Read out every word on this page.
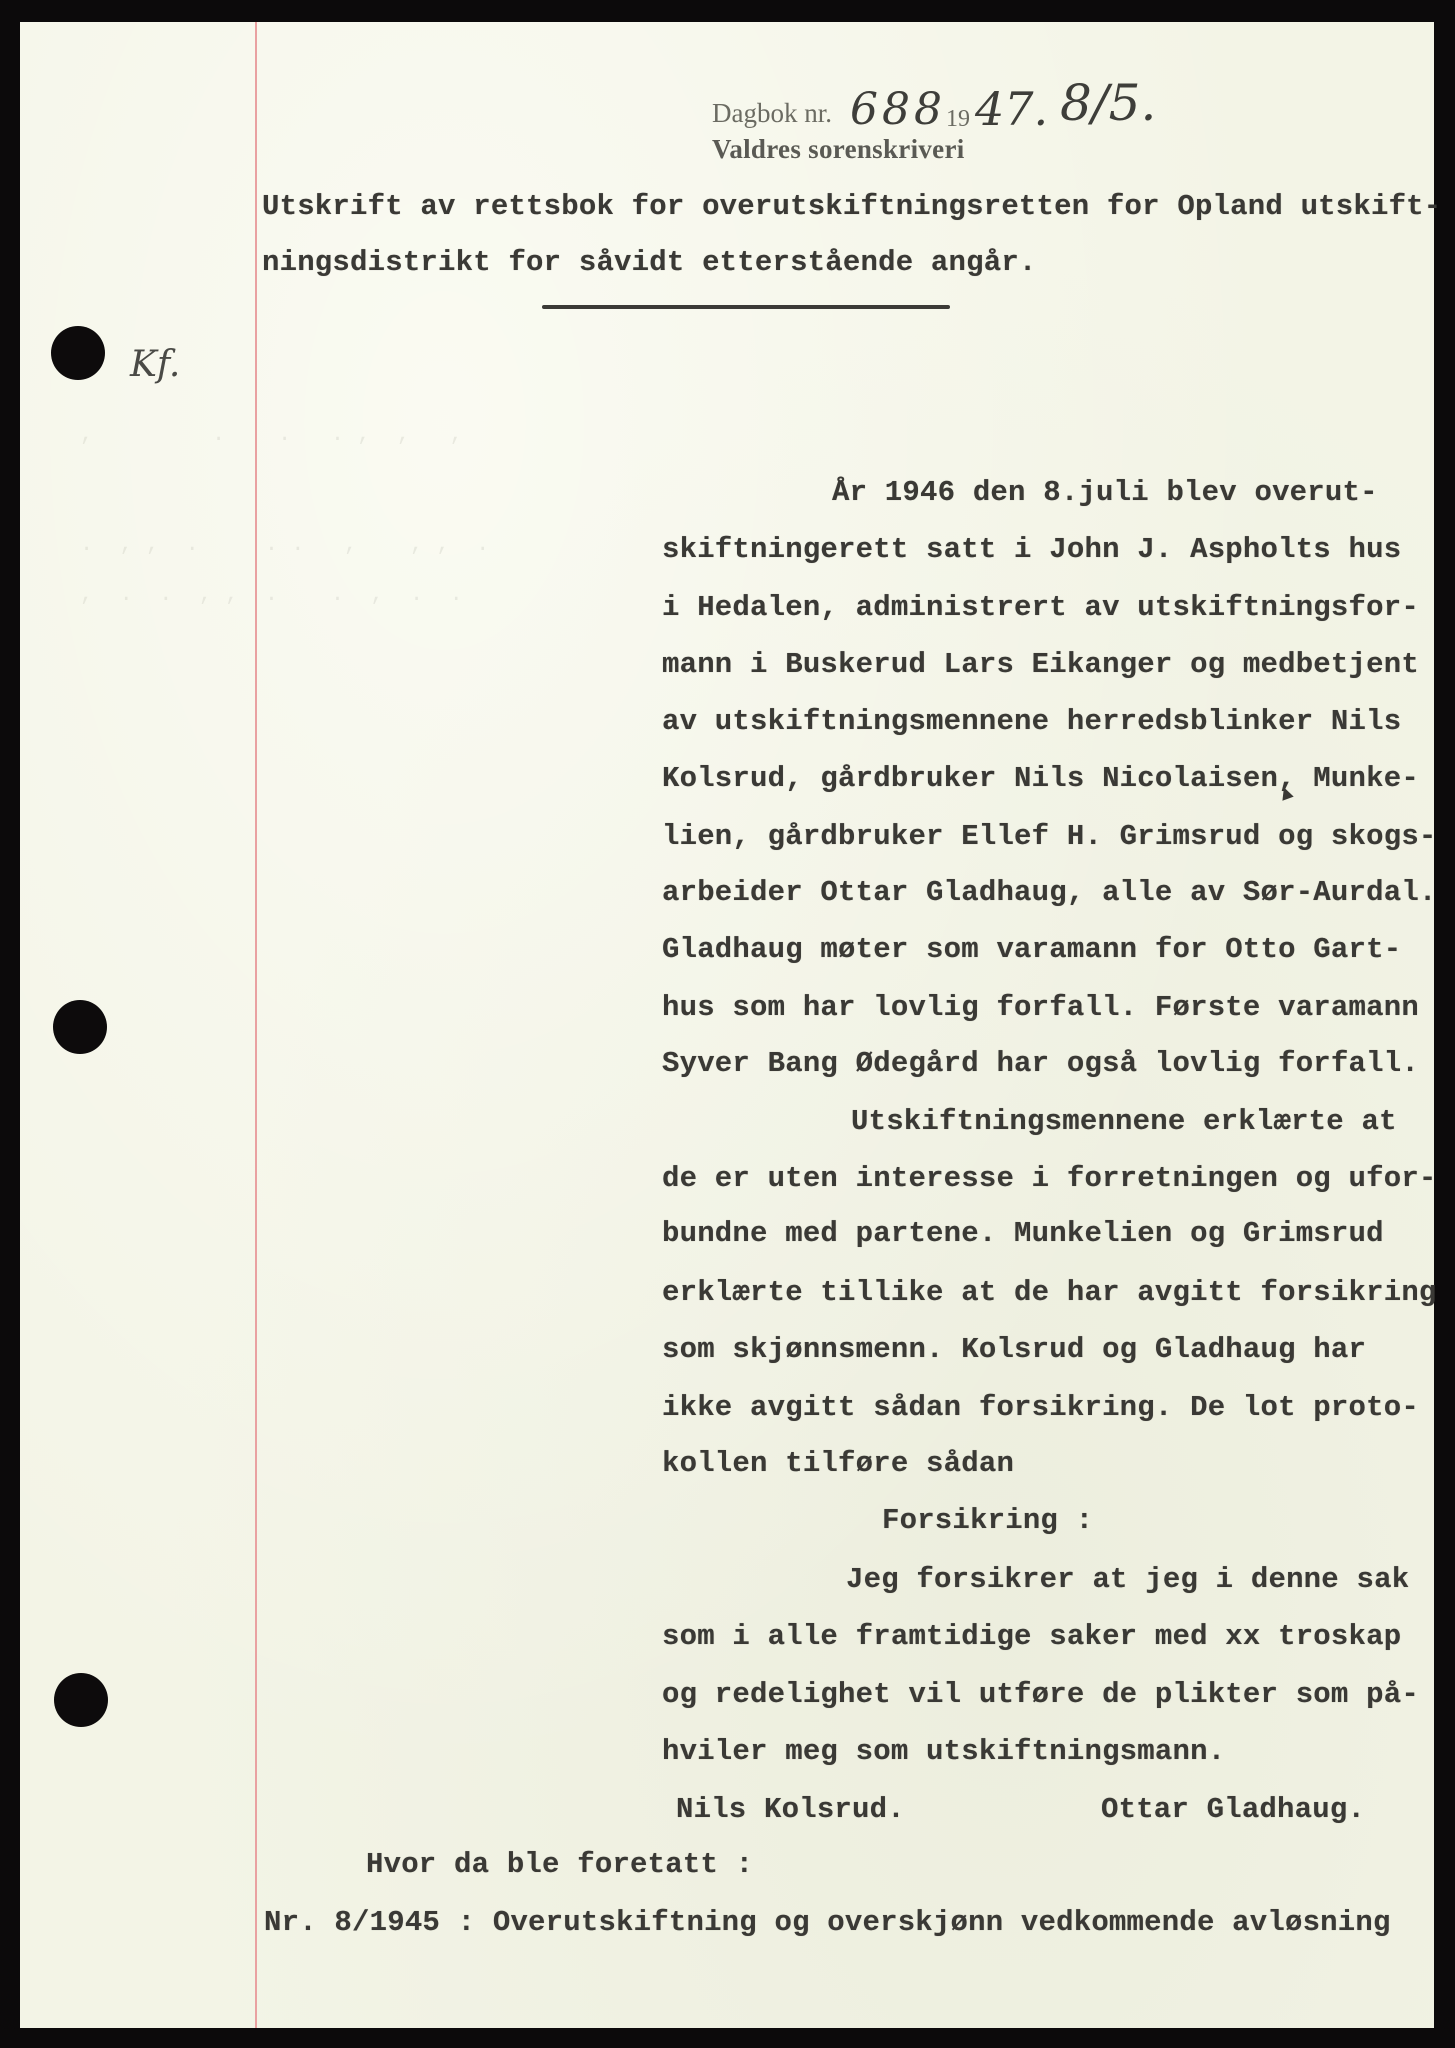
,         .    .   . ,  ,   ,
.  , ,  .     . .   ,    , ,  .
,  .  .  , ,  .    .  ,  .  .
Dagbok nr. 688 19 47. 8/5.
Valdres sorenskriveri
Kf.
Utskrift av rettsbok for overutskiftningsretten for Opland utskift-
ningsdistrikt for såvidt etterstående angår.
År 1946 den 8.juli blev overut-
skiftningerett satt i John J. Aspholts hus
i Hedalen, administrert av utskiftningsfor-
mann i Buskerud Lars Eikanger og medbetjent
av utskiftningsmennene herredsblinker Nils
Kolsrud, gårdbruker Nils Nicolaisen, Munke-
lien, gårdbruker Ellef H. Grimsrud og skogs-
arbeider Ottar Gladhaug, alle av Sør-Aurdal.
Gladhaug møter som varamann for Otto Gart-
hus som har lovlig forfall. Første varamann
Syver Bang Ødegård har også lovlig forfall.
Utskiftningsmennene erklærte at
de er uten interesse i forretningen og ufor-
bundne med partene. Munkelien og Grimsrud
erklærte tillike at de har avgitt forsikring
som skjønnsmenn. Kolsrud og Gladhaug har
ikke avgitt sådan forsikring. De lot proto-
kollen tilføre sådan
Forsikring :
Jeg forsikrer at jeg i denne sak
som i alle framtidige saker med xx troskap
og redelighet vil utføre de plikter som på-
hviler meg som utskiftningsmann.
Nils Kolsrud.	Ottar Gladhaug.
Hvor da ble foretatt :
Nr. 8/1945 : Overutskiftning og overskjønn vedkommende avløsning
